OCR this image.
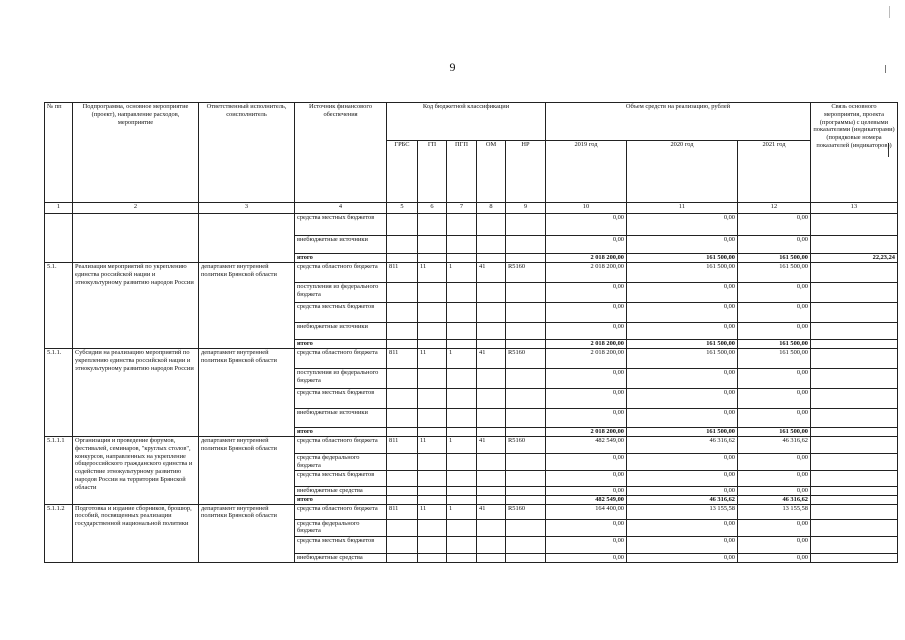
9
№ пп	Подпрограмма, основное мероприятие (проект), направление расходов, мероприятие	Ответственный исполнитель, соисполнитель	Источник финансового обеспечения	Код бюджетной классификации					Объем средств на реализацию, рублей			Связь основного мероприятия, проекта (программы) с целевыми показателями (индикаторами) (порядковые номера показателей (индикаторов))
				ГРБС	ГП	ПГП	ОМ	НР	2019 год	2020 год	2021 год	
1	2	3	4	5	6	7	8	9	10	11	12	13
			средства местных бюджетов						0,00	0,00	0,00	
			внебюджетные источники						0,00	0,00	0,00	
			итого						2 018 200,00	161 500,00	161 500,00	22,23,24
5.1.	Реализация мероприятий по укреплению единства российской нации и этнокультурному развитию народов России	департамент внутренней политики Брянской области	средства областного бюджета	811	11	1	41	R5160	2 018 200,00	161 500,00	161 500,00	
			поступления из федерального бюджета						0,00	0,00	0,00	
			средства местных бюджетов						0,00	0,00	0,00	
			внебюджетные источники						0,00	0,00	0,00	
			итого						2 018 200,00	161 500,00	161 500,00	
5.1.1.	Субсидии на реализацию мероприятий по укреплению единства российской нации и этнокультурному развитию народов России	департамент внутренней политики Брянской области	средства областного бюджета	811	11	1	41	R5160	2 018 200,00	161 500,00	161 500,00	
			поступления из федерального бюджета						0,00	0,00	0,00	
			средства местных бюджетов						0,00	0,00	0,00	
			внебюджетные источники						0,00	0,00	0,00	
			итого						2 018 200,00	161 500,00	161 500,00	
5.1.1.1	Организация и проведение форумов, фестивалей, семинаров, "круглых столов", конкурсов, направленных на укрепление общероссийского гражданского единства и содействие этнокультурному развитию народов России на территории Брянской области	департамент внутренней политики Брянской области	средства областного бюджета	811	11	1	41	R5160	482 549,00	46 316,62	46 316,62	
			средства федерального бюджета						0,00	0,00	0,00	
			средства местных бюджетов						0,00	0,00	0,00	
			внебюджетные средства						0,00	0,00	0,00	
			итого						482 549,00	46 316,62	46 316,62	
5.1.1.2	Подготовка и издание сборников, брошюр, пособий, посвященных реализации государственной национальной политики	департамент внутренней политики Брянской области	средства областного бюджета	811	11	1	41	R5160	164 400,00	13 155,58	13 155,58	
			средства федерального бюджета						0,00	0,00	0,00	
			средства местных бюджетов						0,00	0,00	0,00	
			внебюджетные средства						0,00	0,00	0,00	
